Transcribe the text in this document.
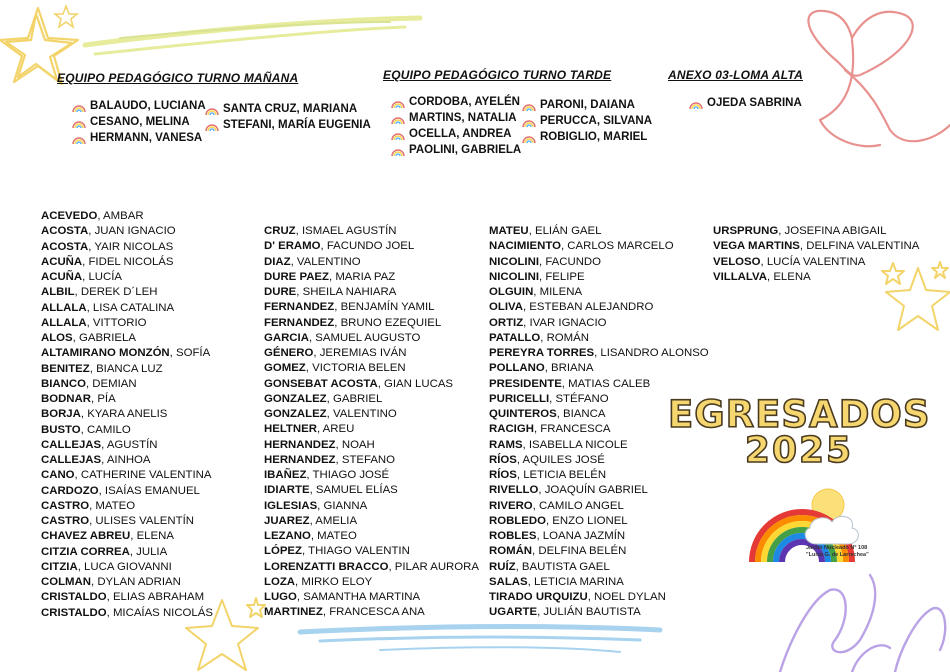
EQUIPO PEDAGÓGICO TURNO MAÑANA	EQUIPO PEDAGÓGICO TURNO TARDE	ANEXO 03-LOMA ALTA
BALAUDO, LUCIANA
CESANO, MELINA
HERMANN, VANESA
SANTA CRUZ, MARIANA
STEFANI, MARÍA EUGENIA
CORDOBA, AYELÉN
MARTINS, NATALIA
OCELLA, ANDREA
PAOLINI, GABRIELA
PARONI, DAIANA
PERUCCA, SILVANA
ROBIGLIO, MARIEL
OJEDA SABRINA
ACEVEDO, AMBAR
ACOSTA, JUAN IGNACIO
ACOSTA, YAIR NICOLAS
ACUÑA, FIDEL NICOLÁS
ACUÑA, LUCÍA
ALBIL, DEREK D´LEH
ALLALA, LISA CATALINA
ALLALA, VITTORIO
ALOS, GABRIELA
ALTAMIRANO MONZÓN, SOFÍA
BENITEZ, BIANCA LUZ
BIANCO, DEMIAN
BODNAR, PÍA
BORJA, KYARA ANELIS
BUSTO, CAMILO
CALLEJAS, AGUSTÍN
CALLEJAS, AINHOA
CANO, CATHERINE VALENTINA
CARDOZO, ISAÍAS EMANUEL
CASTRO, MATEO
CASTRO, ULISES VALENTÍN
CHAVEZ ABREU, ELENA
CITZIA CORREA, JULIA
CITZIA, LUCA GIOVANNI
COLMAN, DYLAN ADRIAN
CRISTALDO, ELIAS ABRAHAM
CRISTALDO, MICAÍAS NICOLÁS
CRUZ, ISMAEL AGUSTÍN
D' ERAMO, FACUNDO JOEL
DIAZ, VALENTINO
DURE PAEZ, MARIA PAZ
DURE, SHEILA NAHIARA
FERNANDEZ, BENJAMÍN YAMIL
FERNANDEZ, BRUNO EZEQUIEL
GARCIA, SAMUEL AUGUSTO
GÉNERO, JEREMIAS IVÁN
GOMEZ, VICTORIA BELEN
GONSEBAT ACOSTA, GIAN LUCAS
GONZALEZ, GABRIEL
GONZALEZ, VALENTINO
HELTNER, AREU
HERNANDEZ, NOAH
HERNANDEZ, STEFANO
IBAÑEZ, THIAGO JOSÉ
IDIARTE, SAMUEL ELÍAS
IGLESIAS, GIANNA
JUAREZ, AMELIA
LEZANO, MATEO
LÓPEZ, THIAGO VALENTIN
LORENZATTI BRACCO, PILAR AURORA
LOZA, MIRKO ELOY
LUGO, SAMANTHA MARTINA
MARTINEZ, FRANCESCA ANA
MATEU, ELIÁN GAEL
NACIMIENTO, CARLOS MARCELO
NICOLINI, FACUNDO
NICOLINI, FELIPE
OLGUIN, MILENA
OLIVA, ESTEBAN ALEJANDRO
ORTIZ, IVAR IGNACIO
PATALLO, ROMÁN
PEREYRA TORRES, LISANDRO ALONSO
POLLANO, BRIANA
PRESIDENTE, MATIAS CALEB
PURICELLI, STÉFANO
QUINTEROS, BIANCA
RACIGH, FRANCESCA
RAMS, ISABELLA NICOLE
RÍOS, AQUILES JOSÉ
RÍOS, LETICIA BELÉN
RIVELLO, JOAQUÍN GABRIEL
RIVERO, CAMILO ANGEL
ROBLEDO, ENZO LIONEL
ROBLES, LOANA JAZMÍN
ROMÁN, DELFINA BELÉN
RUÍZ, BAUTISTA GAEL
SALAS, LETICIA MARINA
TIRADO URQUIZU, NOEL DYLAN
UGARTE, JULIÁN BAUTISTA
URSPRUNG, JOSEFINA ABIGAIL
VEGA MARTINS, DELFINA VALENTINA
VELOSO, LUCÍA VALENTINA
VILLALVA, ELENA
EGRESADOS
2025
Jardín Nucleado N° 108
"Luisa G. de Larrechea"
